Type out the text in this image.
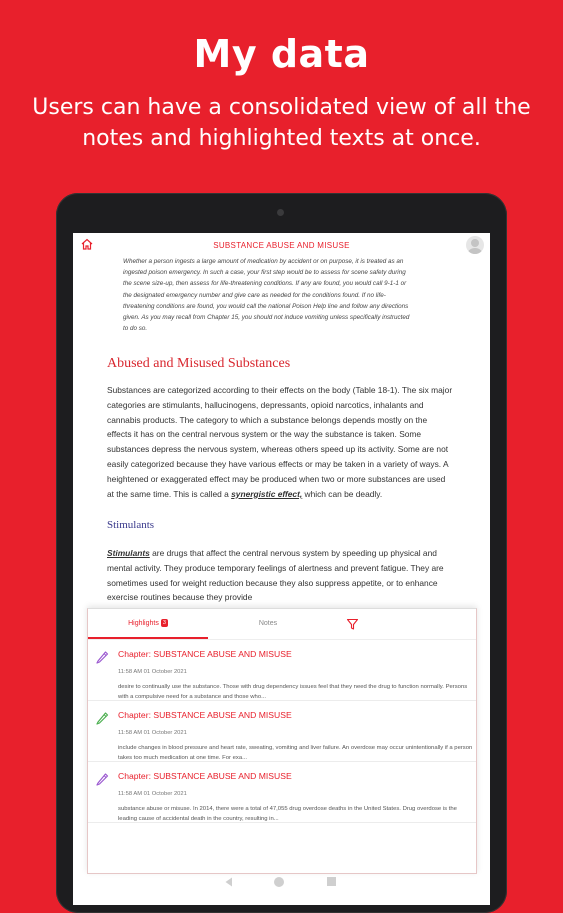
My data
Users can have a consolidated view of all the notes and highlighted texts at once.
SUBSTANCE ABUSE AND MISUSE
Whether a person ingests a large amount of medication by accident or on purpose, it is treated as an ingested poison emergency. In such a case, your first step would be to assess for scene safety during the scene size-up, then assess for life-threatening conditions. If any are found, you would call 9-1-1 or the designated emergency number and give care as needed for the conditions found. If no life-threatening conditions are found, you would call the national Poison Help line and follow any directions given. As you may recall from Chapter 15, you should not induce vomiting unless specifically instructed to do so.
Abused and Misused Substances
Substances are categorized according to their effects on the body (Table 18-1). The six major categories are stimulants, hallucinogens, depressants, opioid narcotics, inhalants and cannabis products. The category to which a substance belongs depends mostly on the effects it has on the central nervous system or the way the substance is taken. Some substances depress the nervous system, whereas others speed up its activity. Some are not easily categorized because they have various effects or may be taken in a variety of ways. A heightened or exaggerated effect may be produced when two or more substances are used at the same time. This is called a synergistic effect, which can be deadly.
Stimulants
Stimulants are drugs that affect the central nervous system by speeding up physical and mental activity. They produce temporary feelings of alertness and prevent fatigue. They are sometimes used for weight reduction because they also suppress appetite, or to enhance exercise routines because they provide
Highlights 3	Notes
Chapter: SUBSTANCE ABUSE AND MISUSE
11:58 AM 01 October 2021
desire to continually use the substance. Those with drug dependency issues feel that they need the drug to function normally. Persons with a compulsive need for a substance and those who...
Chapter: SUBSTANCE ABUSE AND MISUSE
11:58 AM 01 October 2021
include changes in blood pressure and heart rate, sweating, vomiting and liver failure. An overdose may occur unintentionally if a person takes too much medication at one time. For exa...
Chapter: SUBSTANCE ABUSE AND MISUSE
11:58 AM 01 October 2021
substance abuse or misuse. In 2014, there were a total of 47,055 drug overdose deaths in the United States. Drug overdose is the leading cause of accidental death in the country, resulting in...
